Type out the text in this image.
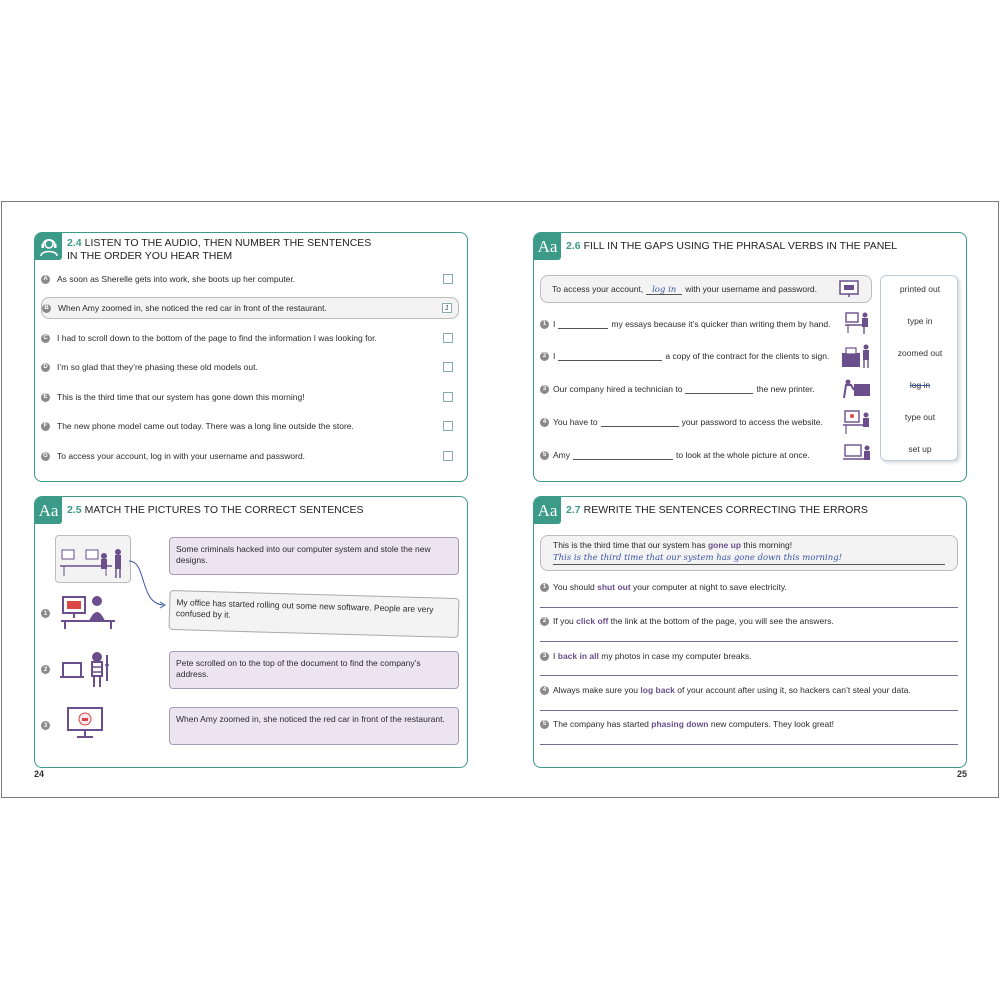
2.4 LISTEN TO THE AUDIO, THEN NUMBER THE SENTENCES
IN THE ORDER YOU HEAR THEM
A As soon as Sherelle gets into work, she boots up her computer.
B When Amy zoomed in, she noticed the red car in front of the restaurant.	1
C I had to scroll down to the bottom of the page to find the information I was looking for.
D I’m so glad that they’re phasing these old models out.
E This is the third time that our system has gone down this morning!
F	The new phone model came out today. There was a long line outside the store.
G To access your account, log in with your username and password.
Aa 2.5 MATCH THE PICTURES TO THE CORRECT SENTENCES
1
2
3
Some criminals hacked into our computer system and stole the new designs.
My office has started rolling out some new software. People are very confused by it.
Pete scrolled on to the top of the document to find the company’s address.
When Amy zoomed in, she noticed the red car in front of the restaurant.
Aa 2.6 FILL IN THE GAPS USING THE PHRASAL VERBS IN THE PANEL
To access your account,	log in	with your username and password.
1 I	my essays because it’s quicker than writing them by hand.
2 I	a copy of the contract for the clients to sign.
3 Our company hired a technician to	the new printer.
4 You have to	your password to access the website.
5 Amy	to look at the whole picture at once.
printed out
type in
zoomed out
log in
type out
set up
Aa 2.7 REWRITE THE SENTENCES CORRECTING THE ERRORS
This is the third time that our system has gone up this morning!
This is the third time that our system has gone down this morning!
1 You should shut out your computer at night to save electricity.
2 If you click off the link at the bottom of the page, you will see the answers.
3 I back in all my photos in case my computer breaks.
4 Always make sure you log back of your account after using it, so hackers can’t steal your data.
5 The company has started phasing down new computers. They look great!
24	25
